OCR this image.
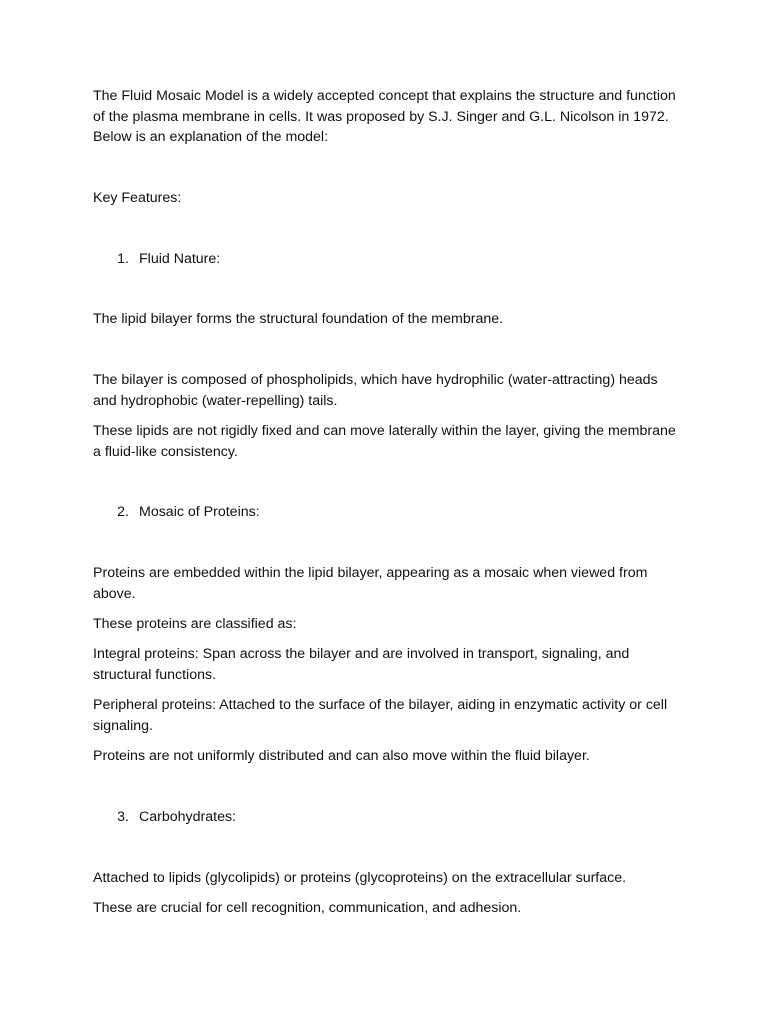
The Fluid Mosaic Model is a widely accepted concept that explains the structure and function of the plasma membrane in cells. It was proposed by S.J. Singer and G.L. Nicolson in 1972. Below is an explanation of the model:

Key Features:

1. Fluid Nature:

The lipid bilayer forms the structural foundation of the membrane.

The bilayer is composed of phospholipids, which have hydrophilic (water-attracting) heads and hydrophobic (water-repelling) tails.

These lipids are not rigidly fixed and can move laterally within the layer, giving the membrane a fluid-like consistency.

2. Mosaic of Proteins:

Proteins are embedded within the lipid bilayer, appearing as a mosaic when viewed from above.

These proteins are classified as:

Integral proteins: Span across the bilayer and are involved in transport, signaling, and structural functions.

Peripheral proteins: Attached to the surface of the bilayer, aiding in enzymatic activity or cell signaling.

Proteins are not uniformly distributed and can also move within the fluid bilayer.

3. Carbohydrates:

Attached to lipids (glycolipids) or proteins (glycoproteins) on the extracellular surface.

These are crucial for cell recognition, communication, and adhesion.
